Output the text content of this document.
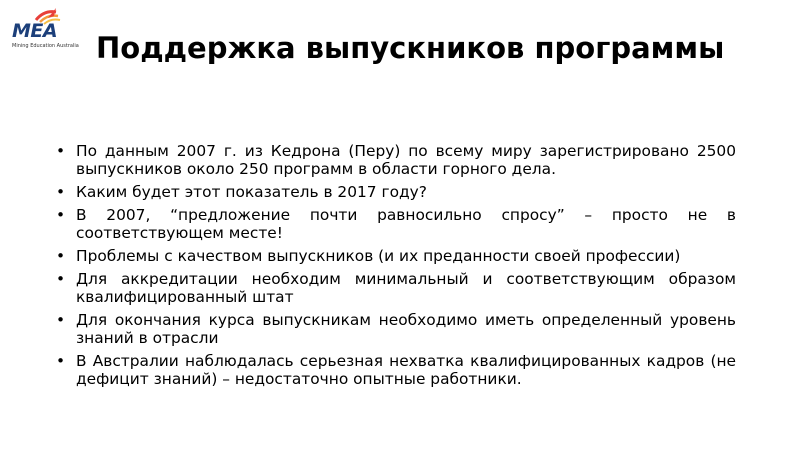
MEA
Mining Education Australia Поддержка выпускников программы
• По данным 2007 г. из Кедрона (Перу) по всему миру зарегистрировано 2500 выпускников около 250 программ в области горного дела.
• Каким будет этот показатель в 2017 году?
• В 2007, “предложение почти равносильно спросу” – просто не в соответствующем месте!
• Проблемы с качеством выпускников (и их преданности своей профессии)
• Для аккредитации необходим минимальный и соответствующим образом квалифицированный штат
• Для окончания курса выпускникам необходимо иметь определенный уровень знаний в отрасли
• В Австралии наблюдалась серьезная нехватка квалифицированных кадров (не дефицит знаний) – недостаточно опытные работники.
